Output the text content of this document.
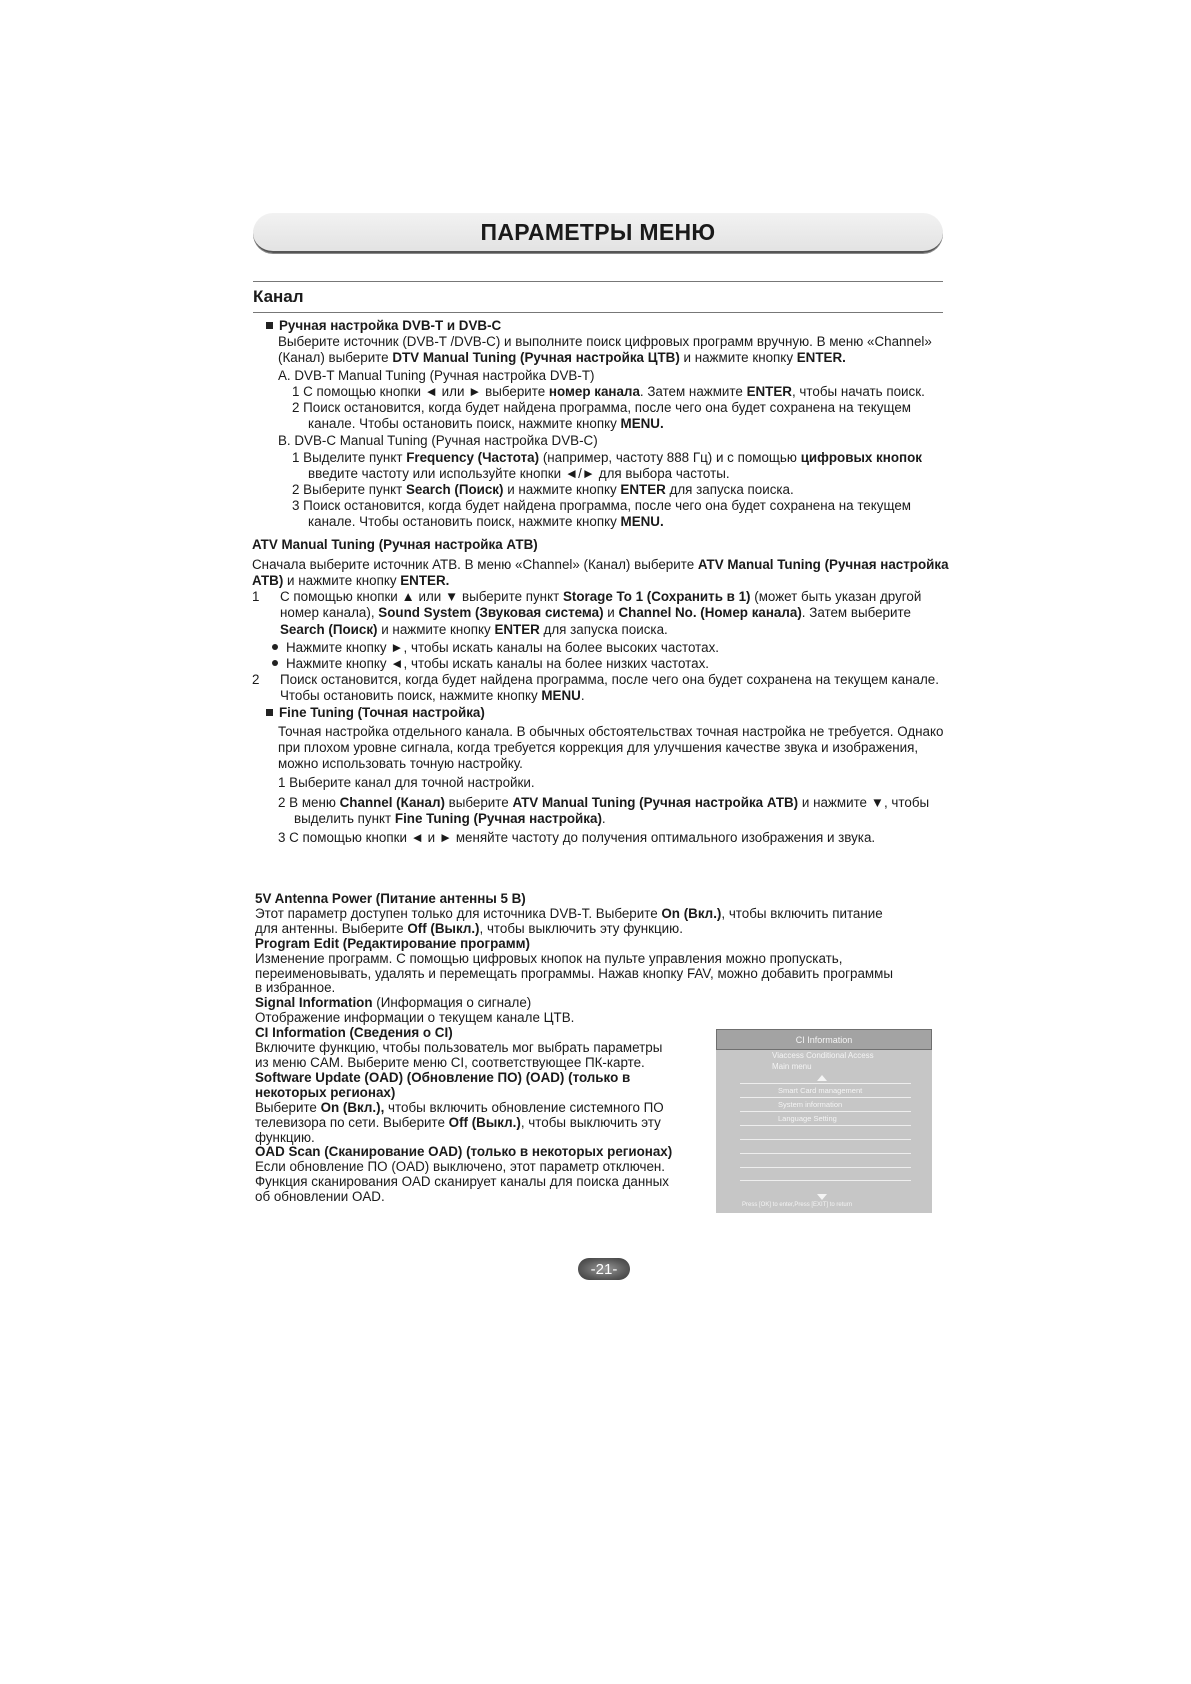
ПАРАМЕТРЫ МЕНЮ
Канал

Ручная настройка DVB-T и DVB-C

Выберите источник (DVB-T /DVB-C) и выполните поиск цифровых программ вручную. В меню «Channel» (Канал) выберите DTV Manual Tuning (Ручная настройка ЦТВ) и нажмите кнопку ENTER.

A. DVB-T Manual Tuning (Ручная настройка DVB-T)

1 С помощью кнопки ◄ или ► выберите номер канала. Затем нажмите ENTER, чтобы начать поиск.

2 Поиск остановится, когда будет найдена программа, после чего она будет сохранена на текущем канале. Чтобы остановить поиск, нажмите кнопку MENU.

B. DVB-C Manual Tuning (Ручная настройка DVB-C)

1 Выделите пункт Frequency (Частота) (например, частоту 888 Гц) и с помощью цифровых кнопок введите частоту или используйте кнопки ◄/► для выбора частоты.

2 Выберите пункт Search (Поиск) и нажмите кнопку ENTER для запуска поиска.

3 Поиск остановится, когда будет найдена программа, после чего она будет сохранена на текущем канале. Чтобы остановить поиск, нажмите кнопку MENU.

ATV Manual Tuning (Ручная настройка АТВ)

Сначала выберите источник АТВ. В меню «Channel» (Канал) выберите ATV Manual Tuning (Ручная настройка АТВ) и нажмите кнопку ENTER.

1	С помощью кнопки ▲ или ▼ выберите пункт Storage To 1 (Сохранить в 1) (может быть указан другой номер канала), Sound System (Звуковая система) и Channel No. (Номер канала). Затем выберите Search (Поиск) и нажмите кнопку ENTER для запуска поиска.

Нажмите кнопку ►, чтобы искать каналы на более высоких частотах.

Нажмите кнопку ◄, чтобы искать каналы на более низких частотах.

2	Поиск остановится, когда будет найдена программа, после чего она будет сохранена на текущем канале. Чтобы остановить поиск, нажмите кнопку MENU.

Fine Tuning (Точная настройка)

Точная настройка отдельного канала. В обычных обстоятельствах точная настройка не требуется. Однако при плохом уровне сигнала, когда требуется коррекция для улучшения качестве звука и изображения, можно использовать точную настройку.

1 Выберите канал для точной настройки.

2 В меню Channel (Канал) выберите ATV Manual Tuning (Ручная настройка АТВ) и нажмите ▼, чтобы выделить пункт Fine Tuning (Ручная настройка).

3 С помощью кнопки ◄ и ► меняйте частоту до получения оптимального изображения и звука.

5V Antenna Power (Питание антенны 5 В)

Этот параметр доступен только для источника DVB-T. Выберите On (Вкл.), чтобы включить питание для антенны. Выберите Off (Выкл.), чтобы выключить эту функцию.

Program Edit (Редактирование программ)

Изменение программ. С помощью цифровых кнопок на пульте управления можно пропускать, переименовывать, удалять и перемещать программы. Нажав кнопку FAV, можно добавить программы в избранное.

Signal Information (Информация о сигнале)

Отображение информации о текущем канале ЦТВ.

CI Information (Сведения о CI)

Включите функцию, чтобы пользователь мог выбрать параметры из меню CAM. Выберите меню CI, соответствующее ПК-карте.

Software Update (OAD) (Обновление ПО) (OAD) (только в некоторых регионах)

Выберите On (Вкл.), чтобы включить обновление системного ПО телевизора по сети. Выберите Off (Выкл.), чтобы выключить эту функцию.

OAD Scan (Сканирование OAD) (только в некоторых регионах)

Если обновление ПО (OAD) выключено, этот параметр отключен. Функция сканирования OAD сканирует каналы для поиска данных об обновлении OAD.

CI Information
Viaccess Conditional Access
Main menu
Smart Card management
System information
Language Setting
Press [OK] to enter,Press [EXIT] to return
-21-
